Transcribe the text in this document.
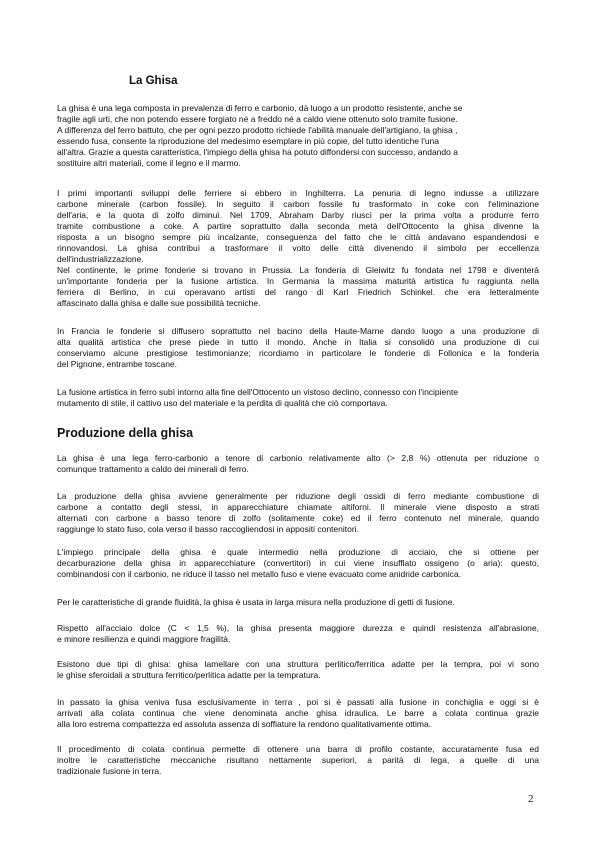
La Ghisa
Produzione della ghisa
La ghisa è una lega composta in prevalenza di ferro e carbonio, dà luogo a un prodotto resistente, anche se
fragile agli urti, che non potendo essere forgiato né a freddo né a caldo viene ottenuto solo tramite fusione.
A differenza del ferro battuto, che per ogni pezzo prodotto richiede l'abilità manuale dell'artigiano, la ghisa ,
essendo fusa, consente la riproduzione del medesimo esemplare in più copie, del tutto identiche l'una
all'altra. Grazie a questa caratteristica, l'impiego della ghisa ha potuto diffondersi con successo, andando a
sostituire altri materiali, come il legno e il marmo.
I primi importanti sviluppi delle ferriere si ebbero in Inghilterra. La penuria di legno indusse a utilizzare
carbone minerale (carbon fossile). In seguito il carbon fossile fu trasformato in coke con l'eliminazione
dell'aria, e la quota di zolfo diminuì. Nel 1709, Abraham Darby riuscì per la prima volta a produrre ferro
tramite combustione a coke. A partire soprattutto dalla seconda metà dell'Ottocento la ghisa divenne la
risposta a un bisogno sempre più incalzante, conseguenza del fatto che le città andavano espandendosi e
rinnovandosi. La ghisa contribuì a trasformare il volto delle città divenendo il simbolo per eccellenza
dell'industrializzazione.
Nel continente, le prime fonderie si trovano in Prussia. La fonderia di Gleiwitz fu fondata nel 1798 e diventerà
un'importante fonderia per la fusione artistica. In Germania la massima maturità artistica fu raggiunta nella
ferriera di Berlino, in cui operavano artisti del rango di Karl Friedrich Schinkel. che era letteralmente
affascinato dalla ghisa e dalle sue possibilità tecniche.
In Francia le fonderie si diffusero soprattutto nel bacino della Haute-Marne dando luogo a una produzione di
alta qualità artistica che prese piede in tutto il mondo. Anche in Italia si consolidò una produzione di cui
conserviamo alcune prestigiose testimonianze; ricordiamo in particolare le fonderie di Follonica e la fonderia
del Pignone, entrambe toscane.
La fusione artistica in ferro subì intorno alla fine dell'Ottocento un vistoso declino, connesso con l'incipiente
mutamento di stile, il cattivo uso del materiale e la perdita di qualità che ciò comportava.
La ghisa è una lega ferro-carbonio a tenore di carbonio relativamente alto (> 2,8 %) ottenuta per riduzione o
comunque trattamento a caldo dei minerali di ferro.
La produzione della ghisa avviene generalmente per riduzione degli ossidi di ferro mediante combustione di
carbone a contatto degli stessi, in apparecchiature chiamate altiforni. Il minerale viene disposto a strati
alternati con carbone a basso tenore di zolfo (solitamente coke) ed il ferro contenuto nel minerale, quando
raggiunge lo stato fuso, cola verso il basso raccogliendosi in appositi contenitori.
L'impiego principale della ghisa è quale intermedio nella produzione di acciaio, che si ottiene per
decarburazione della ghisa in apparecchiature (convertitori) in cui viene insufflato ossigeno (o aria): questo,
combinandosi con il carbonio, ne riduce il tasso nel metallo fuso e viene evacuato come anidride carbonica.
Per le caratteristiche di grande fluidità, la ghisa è usata in larga misura nella produzione di getti di fusione.
Rispetto all'acciaio dolce (C < 1,5 %), la ghisa presenta maggiore durezza e quindi resistenza all'abrasione,
e minore resilienza e quindi maggiore fragilità.
Esistono due tipi di ghisa: ghisa lamellare con una struttura perlitico/ferritica adatte per la tempra, poi vi sono
le ghise sferoidali a struttura ferritico/perlitica adatte per la tempratura.
In passato la ghisa veniva fusa esclusivamente in terra , poi si è passati alla fusione in conchiglia e oggi si è
arrivati alla colata continua che viene denominata anche ghisa idraulica. Le barre a colata continua grazie
alla loro estrema compattezza ed assoluta assenza di soffiature la rendono qualitativamente ottima.
Il procedimento di colata continua permette di ottenere una barra di profilo costante, accuratamente fusa ed
inoltre le caratteristiche meccaniche risultano nettamente superiori, a parità di lega, a quelle di una
tradizionale fusione in terra.
2
